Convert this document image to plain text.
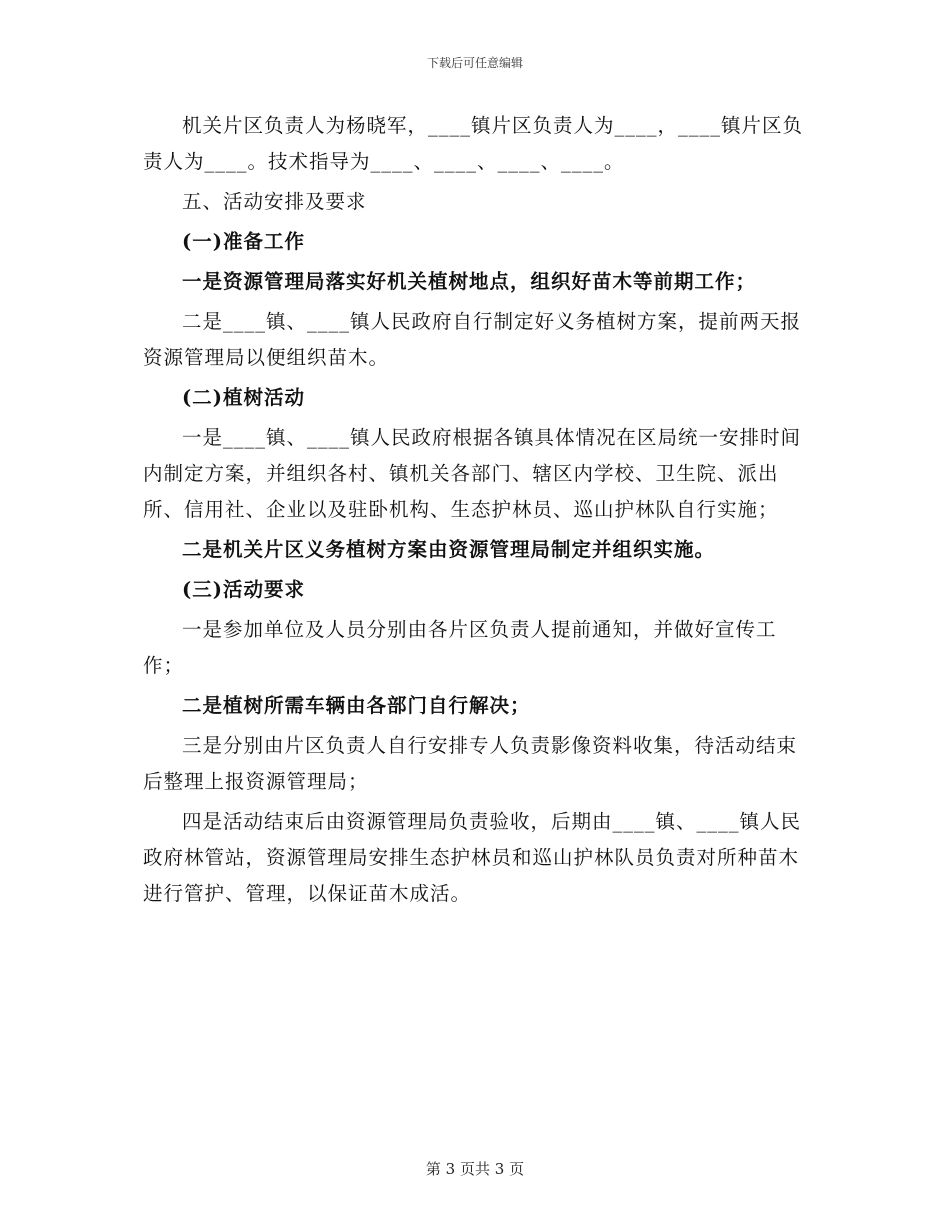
下载后可任意编辑

机关片区负责人为杨晓军，____镇片区负责人为____，____镇片区负责人为____。技术指导为____、____、____、____。

五、活动安排及要求

(一)准备工作

一是资源管理局落实好机关植树地点，组织好苗木等前期工作；

二是____镇、____镇人民政府自行制定好义务植树方案，提前两天报资源管理局以便组织苗木。

(二)植树活动

一是____镇、____镇人民政府根据各镇具体情况在区局统一安排时间内制定方案，并组织各村、镇机关各部门、辖区内学校、卫生院、派出所、信用社、企业以及驻卧机构、生态护林员、巡山护林队自行实施；

二是机关片区义务植树方案由资源管理局制定并组织实施。

(三)活动要求

一是参加单位及人员分别由各片区负责人提前通知，并做好宣传工作；

二是植树所需车辆由各部门自行解决；

三是分别由片区负责人自行安排专人负责影像资料收集，待活动结束后整理上报资源管理局；

四是活动结束后由资源管理局负责验收，后期由____镇、____镇人民政府林管站，资源管理局安排生态护林员和巡山护林队员负责对所种苗木进行管护、管理，以保证苗木成活。

第 3 页共 3 页
